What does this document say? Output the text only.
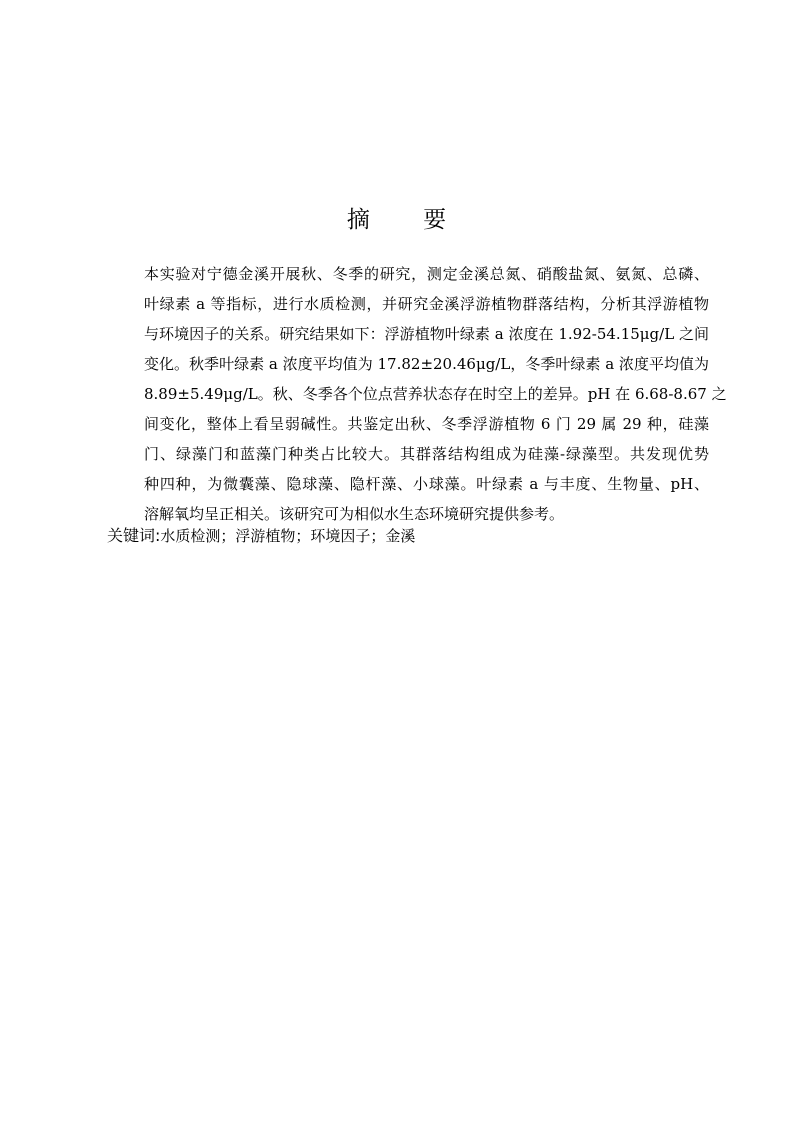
摘 要
本实验对宁德金溪开展秋、冬季的研究，测定金溪总氮、硝酸盐氮、氨氮、总磷、
叶绿素 a 等指标，进行水质检测，并研究金溪浮游植物群落结构，分析其浮游植物
与环境因子的关系。研究结果如下：浮游植物叶绿素 a 浓度在 1.92-54.15μg/L 之间
变化。秋季叶绿素 a 浓度平均值为 17.82±20.46μg/L，冬季叶绿素 a 浓度平均值为
8.89±5.49μg/L。秋、冬季各个位点营养状态存在时空上的差异。pH 在 6.68-8.67 之
间变化，整体上看呈弱碱性。共鉴定出秋、冬季浮游植物 6 门 29 属 29 种，硅藻
门、绿藻门和蓝藻门种类占比较大。其群落结构组成为硅藻-绿藻型。共发现优势
种四种，为微囊藻、隐球藻、隐杆藻、小球藻。叶绿素 a 与丰度、生物量、pH、
溶解氧均呈正相关。该研究可为相似水生态环境研究提供参考。

关键词:水质检测；浮游植物；环境因子；金溪
